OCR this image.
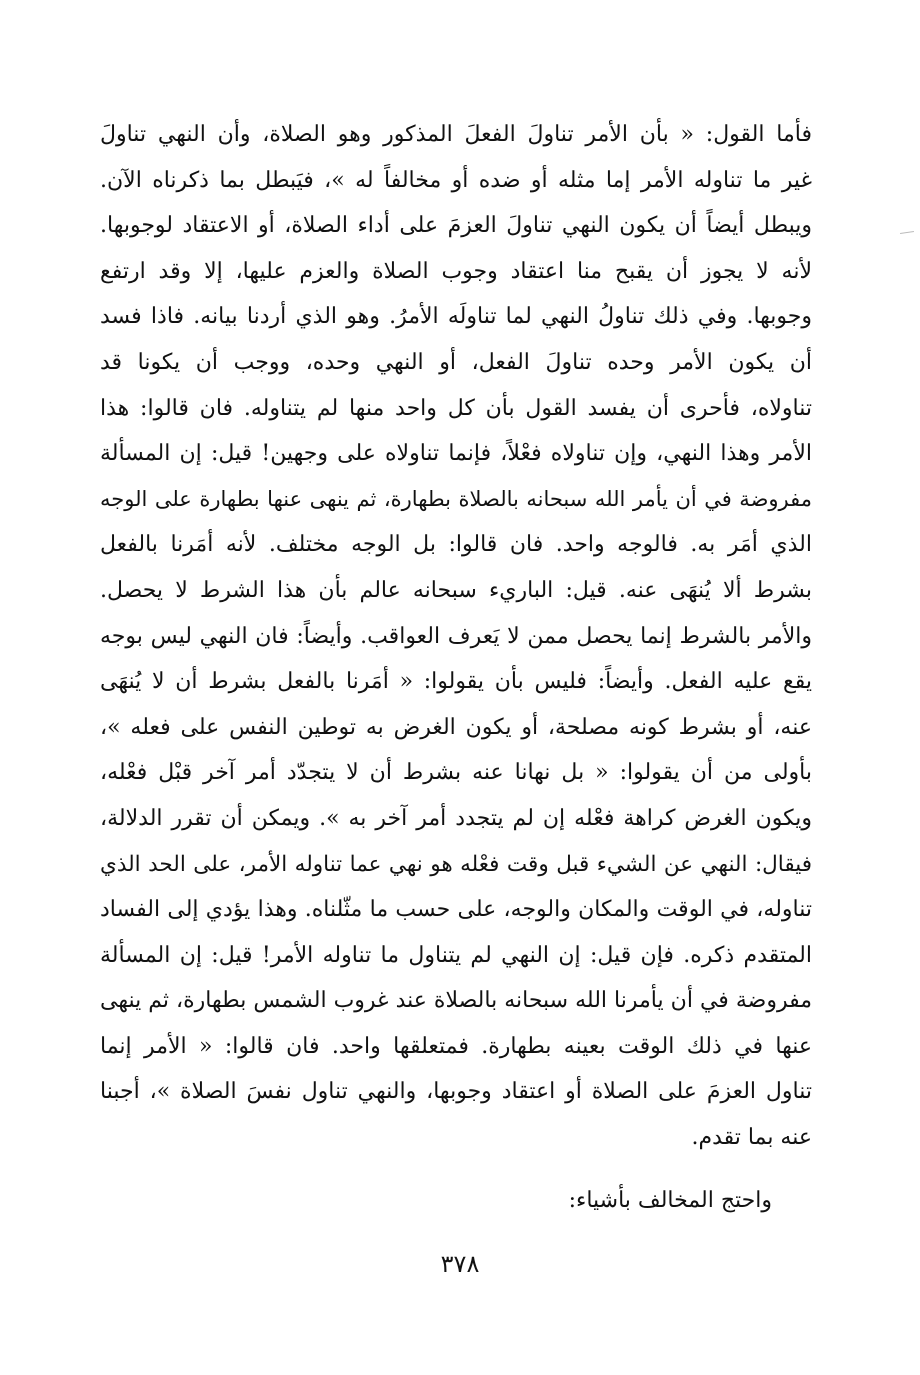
فأما القول: « بأن الأمر تناولَ الفعلَ المذكور وهو الصلاة، وأن النهي تناولَ
غير ما تناوله الأمر إما مثله أو ضده أو مخالفاً له »، فيَبطل بما ذكرناه الآن.
ويبطل أيضاً أن يكون النهي تناولَ العزمَ على أداء الصلاة، أو الاعتقاد لوجوبها.
لأنه لا يجوز أن يقبح منا اعتقاد وجوب الصلاة والعزم عليها، إلا وقد ارتفع
وجوبها. وفي ذلك تناولُ النهي لما تناولَه الأمرُ. وهو الذي أردنا بيانه. فاذا فسد
أن يكون الأمر وحده تناولَ الفعل، أو النهي وحده، ووجب أن يكونا قد
تناولاه، فأحرى أن يفسد القول بأن كل واحد منها لم يتناوله. فان قالوا: هذا
الأمر وهذا النهي، وإن تناولاه فعْلاً، فإنما تناولاه على وجهين! قيل: إن المسألة
مفروضة في أن يأمر الله سبحانه بالصلاة بطهارة، ثم ينهى عنها بطهارة على الوجه
الذي أمَر به. فالوجه واحد. فان قالوا: بل الوجه مختلف. لأنه أمَرنا بالفعل
بشرط ألا يُنهَى عنه. قيل: الباريء سبحانه عالم بأن هذا الشرط لا يحصل.
والأمر بالشرط إنما يحصل ممن لا يَعرف العواقب. وأيضاً: فان النهي ليس بوجه
يقع عليه الفعل. وأيضاً: فليس بأن يقولوا: « أمَرنا بالفعل بشرط أن لا يُنهَى
عنه، أو بشرط كونه مصلحة، أو يكون الغرض به توطين النفس على فعله »،
بأولى من أن يقولوا: « بل نهانا عنه بشرط أن لا يتجدّد أمر آخر قبْل فعْله،
ويكون الغرض كراهة فعْله إن لم يتجدد أمر آخر به ». ويمكن أن تقرر الدلالة،
فيقال: النهي عن الشيء قبل وقت فعْله هو نهي عما تناوله الأمر، على الحد الذي
تناوله، في الوقت والمكان والوجه، على حسب ما مثّلناه. وهذا يؤدي إلى الفساد
المتقدم ذكره. فإن قيل: إن النهي لم يتناول ما تناوله الأمر! قيل: إن المسألة
مفروضة في أن يأمرنا الله سبحانه بالصلاة عند غروب الشمس بطهارة، ثم ينهى
عنها في ذلك الوقت بعينه بطهارة. فمتعلقها واحد. فان قالوا: « الأمر إنما
تناول العزمَ على الصلاة أو اعتقاد وجوبها، والنهي تناول نفسَ الصلاة »، أجبنا
عنه بما تقدم.
واحتج المخالف بأشياء:
٣٧٨
